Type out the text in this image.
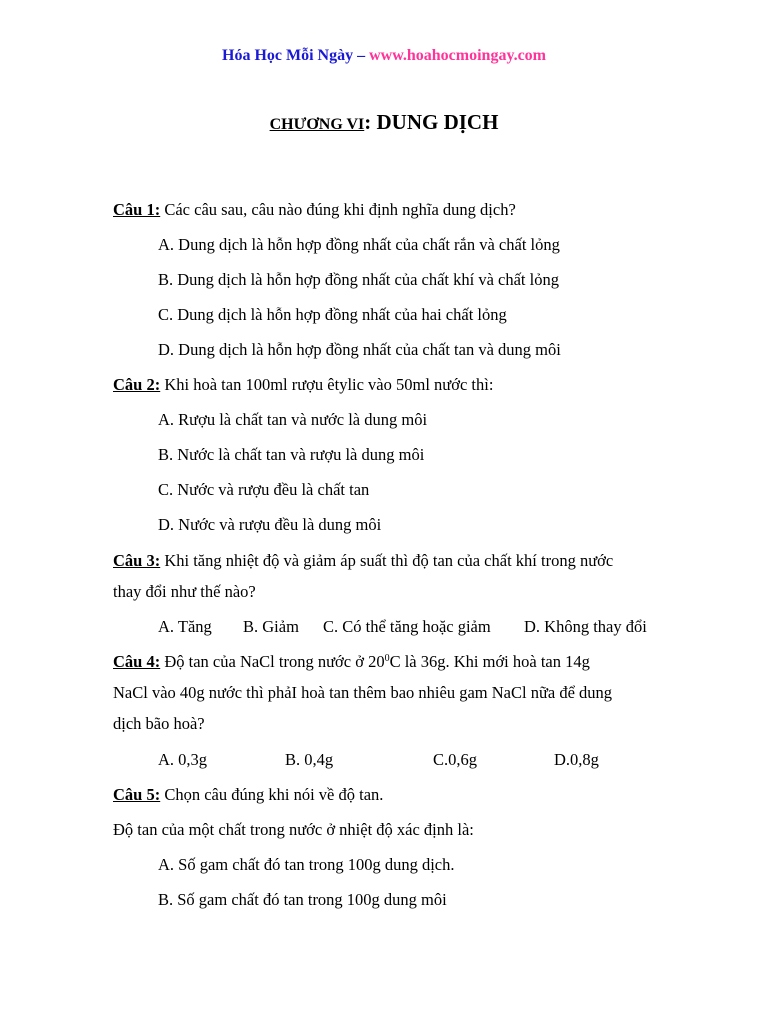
Hóa Học Mỗi Ngày – www.hoahocmoingay.com
CHƯƠNG VI: DUNG DỊCH
Câu 1: Các câu sau, câu nào đúng khi định nghĩa dung dịch?
A. Dung dịch là hỗn hợp đồng nhất của chất rắn và chất lỏng
B. Dung dịch là hỗn hợp đồng nhất của chất khí và chất lỏng
C. Dung dịch là hỗn hợp đồng nhất của hai chất lỏng
D. Dung dịch là hỗn hợp đồng nhất của chất tan và dung môi
Câu 2: Khi hoà tan 100ml rượu êtylic vào 50ml nước thì:
A. Rượu là chất tan và nước là dung môi
B. Nước là chất tan và rượu là dung môi
C. Nước và rượu đều là chất tan
D. Nước và rượu đều là dung môi
Câu 3: Khi tăng nhiệt độ và giảm áp suất thì độ tan của chất khí trong nước
thay đổi như thế nào?
A. Tăng B. Giảm C. Có thể tăng hoặc giảm D. Không thay đổi
Câu 4: Độ tan của NaCl trong nước ở $20^0C$ là 36g. Khi mới hoà tan 14g
NaCl vào 40g nước thì phảI hoà tan thêm bao nhiêu gam NaCl nữa để dung
dịch bão hoà?
A. 0,3g	B. 0,4g	C.0,6g	D.0,8g
Câu 5: Chọn câu đúng khi nói về độ tan.
Độ tan của một chất trong nước ở nhiệt độ xác định là:
A. Số gam chất đó tan trong 100g dung dịch.
B. Số gam chất đó tan trong 100g dung môi
